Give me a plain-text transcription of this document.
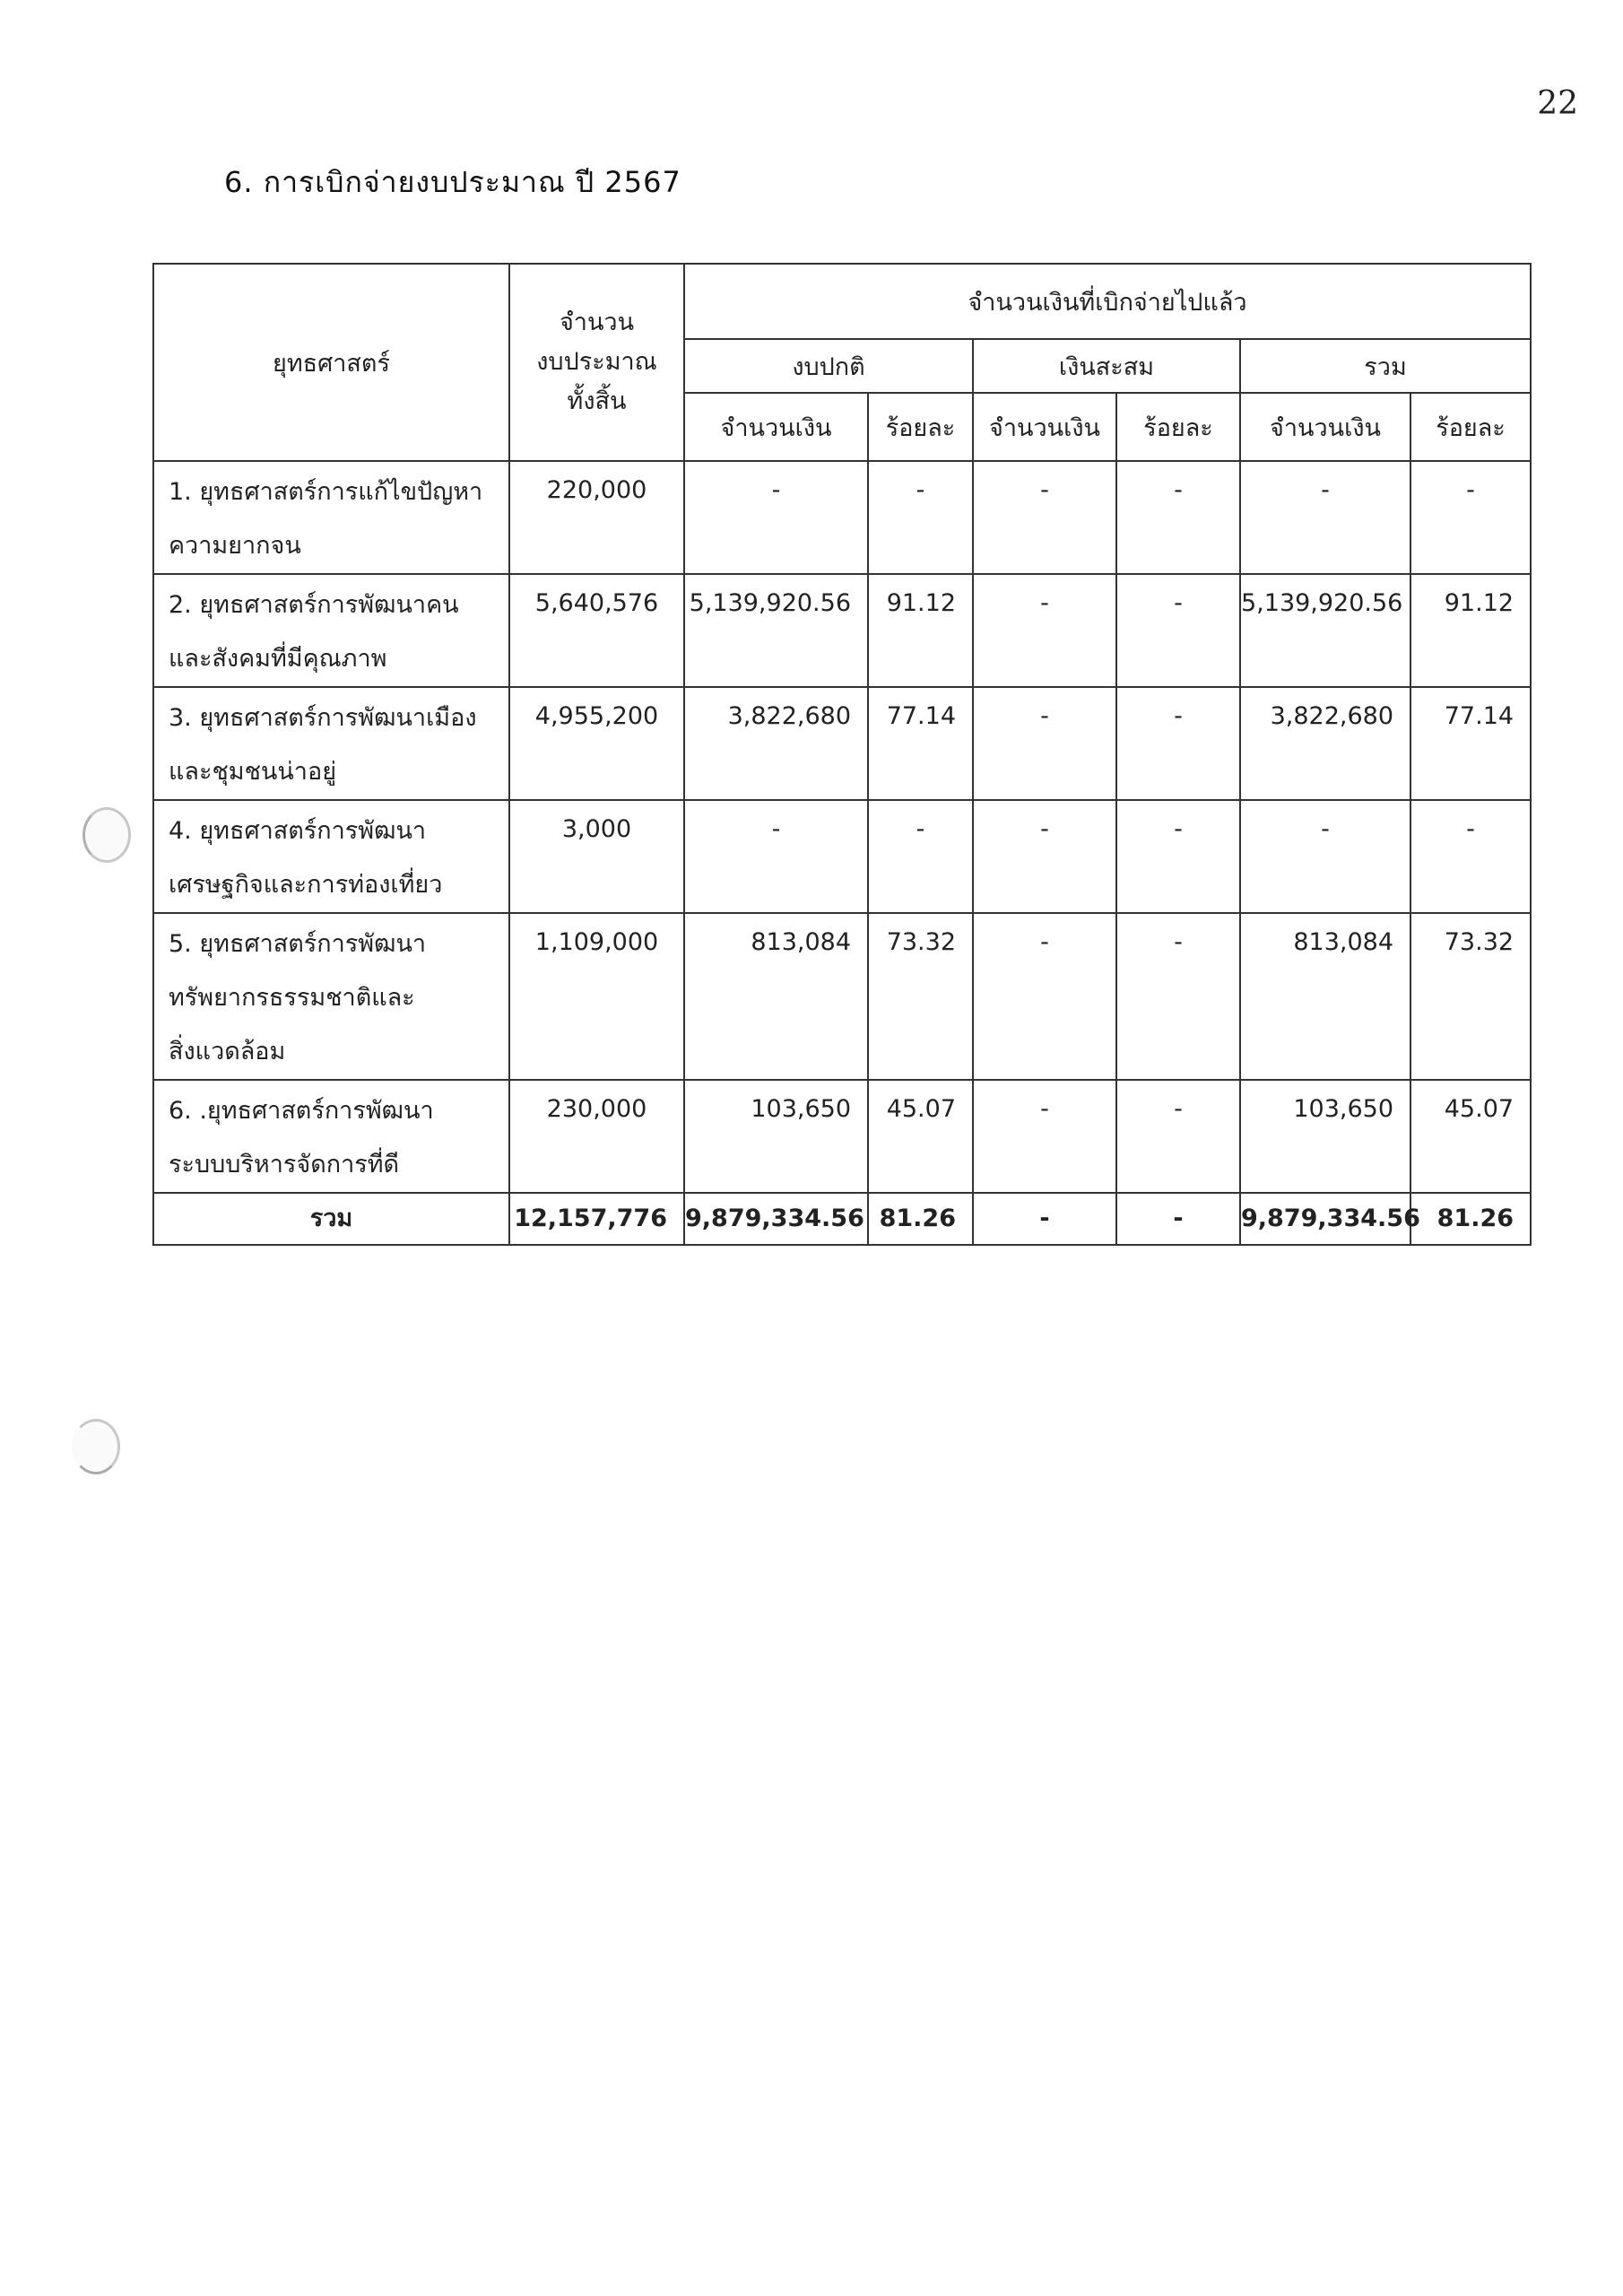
22
6. การเบิกจ่ายงบประมาณ ปี 2567
ยุทธศาสตร์	จำนวน
งบประมาณ
ทั้งสิ้น	จำนวนเงินที่เบิกจ่ายไปแล้ว					
		งบปกติ		เงินสะสม		รวม	
		จำนวนเงิน	ร้อยละ	จำนวนเงิน	ร้อยละ	จำนวนเงิน	ร้อยละ

1. ยุทธศาสตร์การแก้ไขปัญหา
ความยากจน	220,000	-	-	-	-	-	-

2. ยุทธศาสตร์การพัฒนาคน
และสังคมที่มีคุณภาพ	5,640,576	5,139,920.56	91.12	-	-	5,139,920.56	91.12

3. ยุทธศาสตร์การพัฒนาเมือง
และชุมชนน่าอยู่	4,955,200	3,822,680	77.14	-	-	3,822,680	77.14

4. ยุทธศาสตร์การพัฒนา
เศรษฐกิจและการท่องเที่ยว	3,000	-	-	-	-	-	-

5. ยุทธศาสตร์การพัฒนา
ทรัพยากรธรรมชาติและ
สิ่งแวดล้อม	1,109,000	813,084	73.32	-	-	813,084	73.32

6. .ยุทธศาสตร์การพัฒนา
ระบบบริหารจัดการที่ดี	230,000	103,650	45.07	-	-	103,650	45.07
รวม	12,157,776	9,879,334.56	81.26	-	-	9,879,334.56	81.26
